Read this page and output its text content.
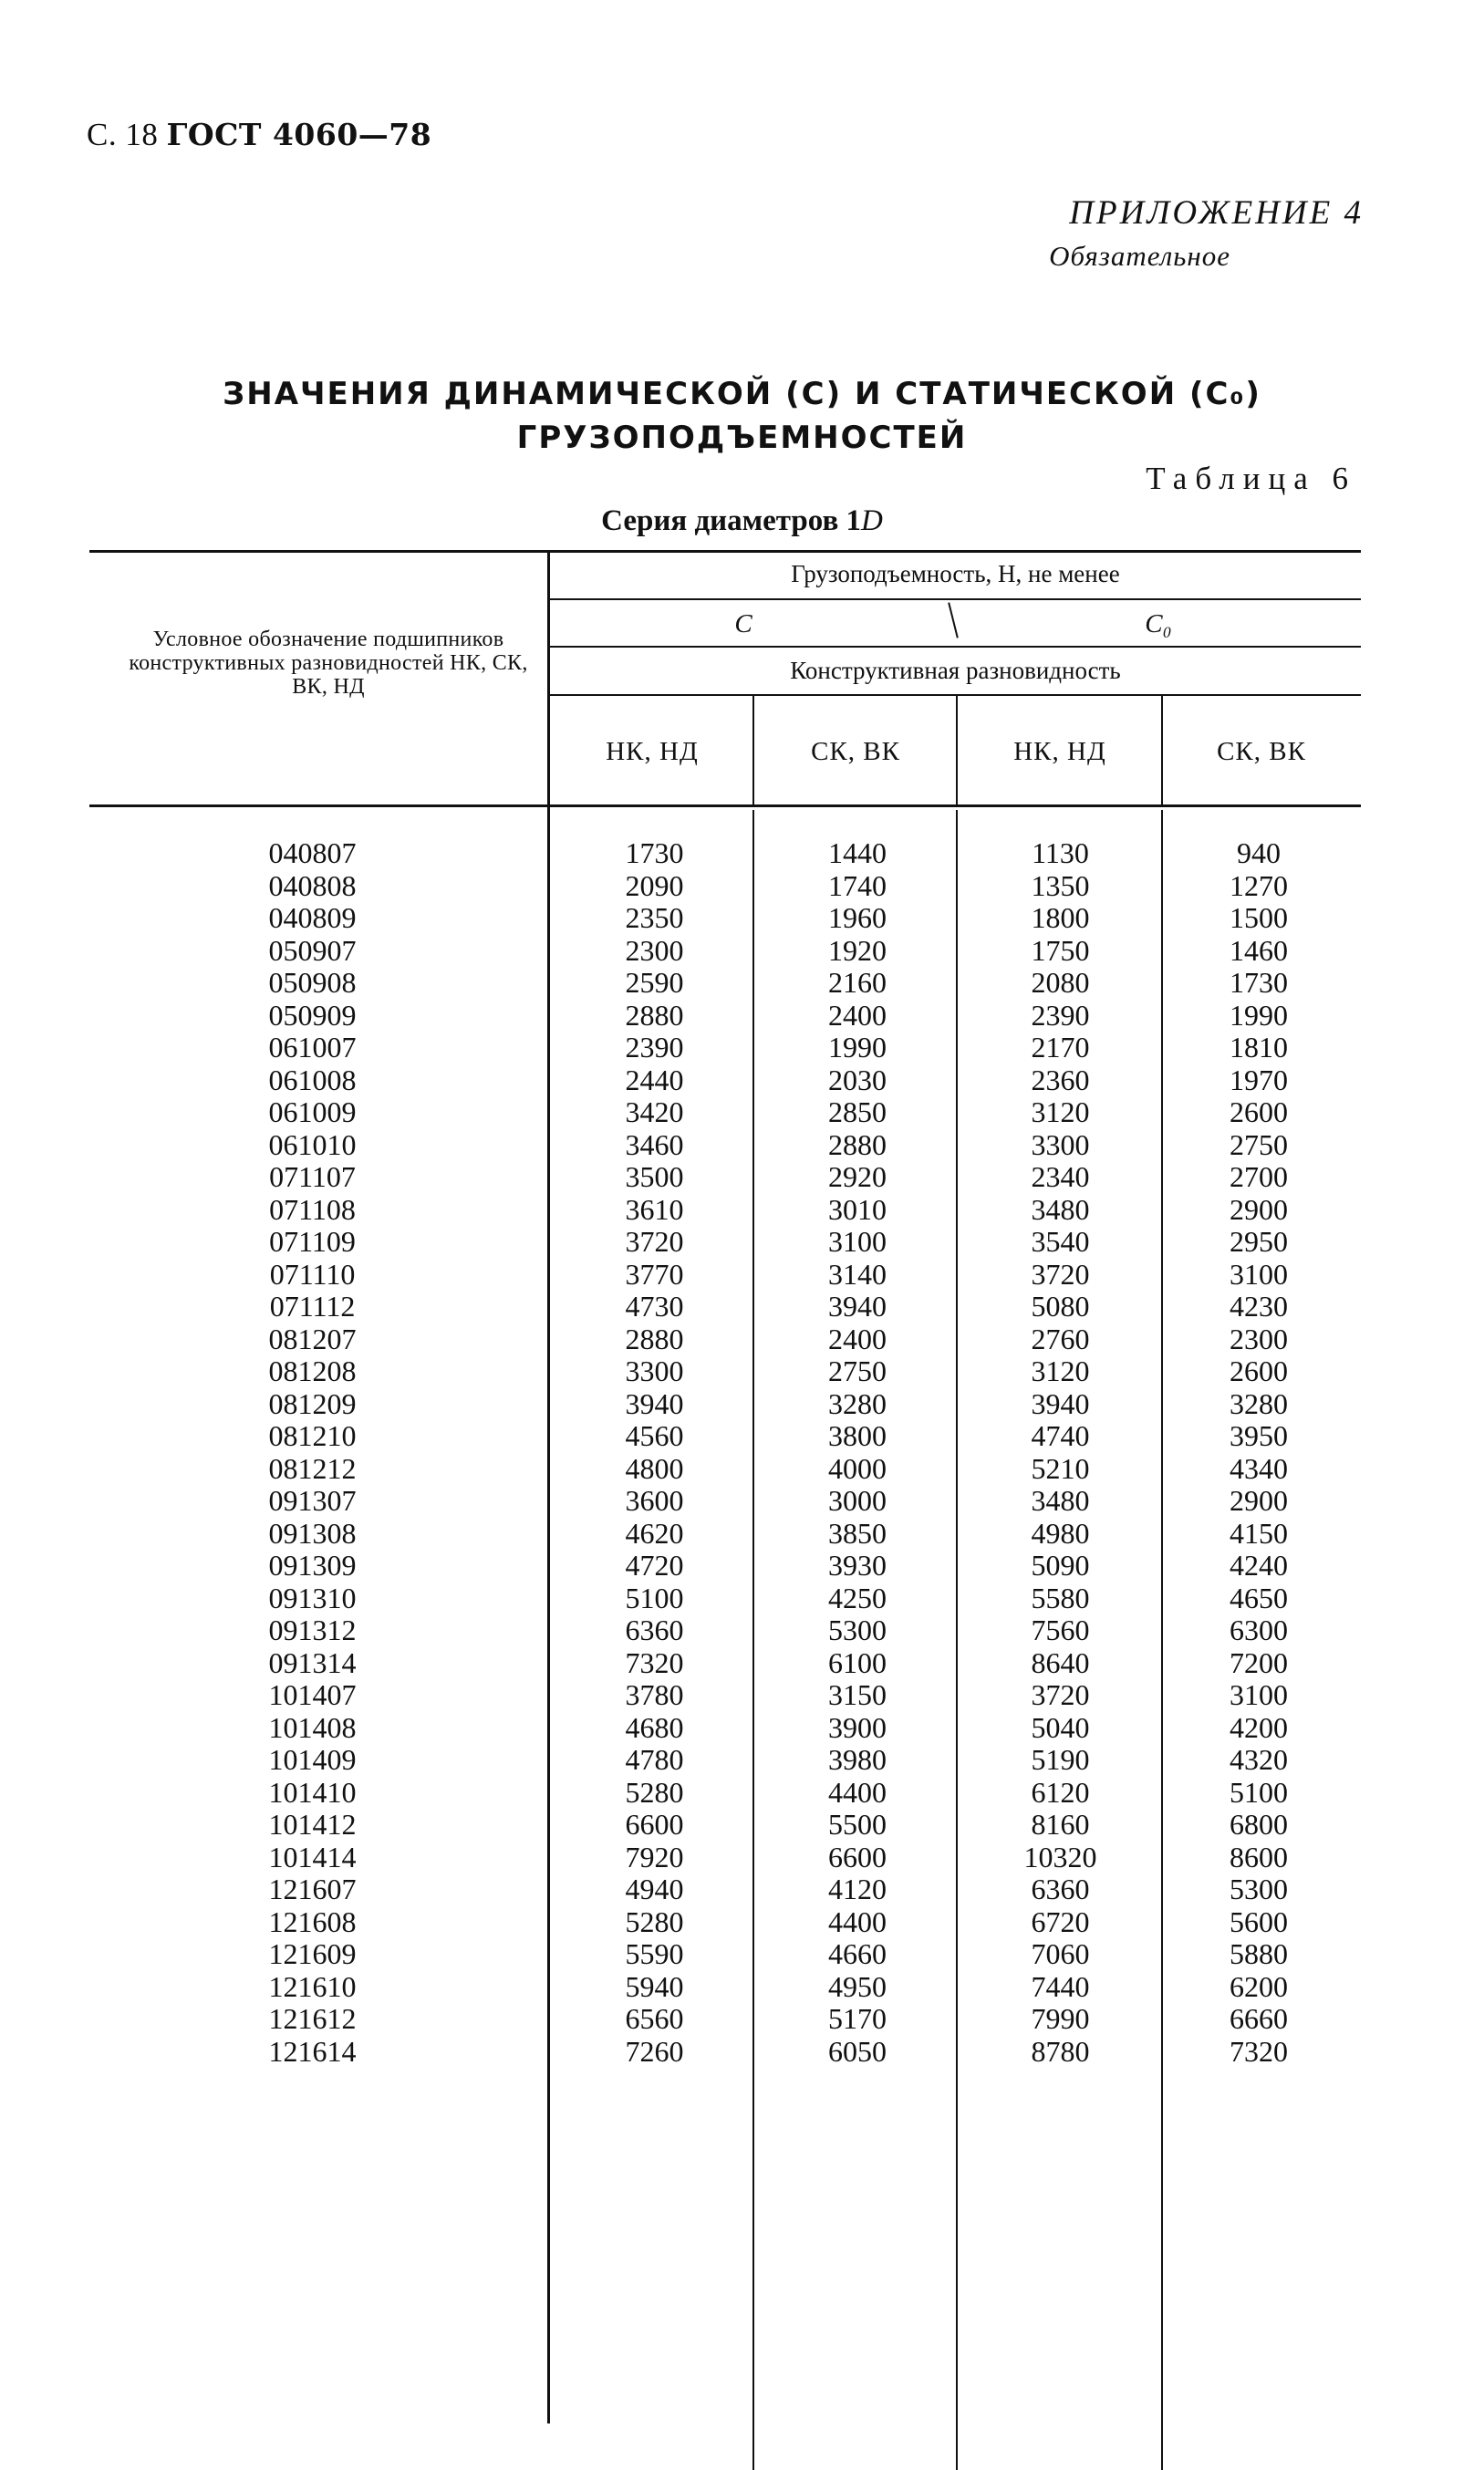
С. 18 ГОСТ 4060—78
ПРИЛОЖЕНИЕ 4
Обязательное
ЗНАЧЕНИЯ ДИНАМИЧЕСКОЙ (C) И СТАТИЧЕСКОЙ (C₀)
ГРУЗОПОДЪЕМНОСТЕЙ
Таблица 6
Серия диаметров 1D
Условное обозначение подшипников конструктивных разновидностей НК, СК, ВК, НД
Грузоподъемность, Н, не менее
C	C₀
Конструктивная разновидность
НК, НД	СК, ВК	НК, НД	СК, ВК
040807	1730	1440	1130	940
040808	2090	1740	1350	1270
040809	2350	1960	1800	1500
050907	2300	1920	1750	1460
050908	2590	2160	2080	1730
050909	2880	2400	2390	1990
061007	2390	1990	2170	1810
061008	2440	2030	2360	1970
061009	3420	2850	3120	2600
061010	3460	2880	3300	2750
071107	3500	2920	2340	2700
071108	3610	3010	3480	2900
071109	3720	3100	3540	2950
071110	3770	3140	3720	3100
071112	4730	3940	5080	4230
081207	2880	2400	2760	2300
081208	3300	2750	3120	2600
081209	3940	3280	3940	3280
081210	4560	3800	4740	3950
081212	4800	4000	5210	4340
091307	3600	3000	3480	2900
091308	4620	3850	4980	4150
091309	4720	3930	5090	4240
091310	5100	4250	5580	4650
091312	6360	5300	7560	6300
091314	7320	6100	8640	7200
101407	3780	3150	3720	3100
101408	4680	3900	5040	4200
101409	4780	3980	5190	4320
101410	5280	4400	6120	5100
101412	6600	5500	8160	6800
101414	7920	6600	10320	8600
121607	4940	4120	6360	5300
121608	5280	4400	6720	5600
121609	5590	4660	7060	5880
121610	5940	4950	7440	6200
121612	6560	5170	7990	6660
121614	7260	6050	8780	7320
